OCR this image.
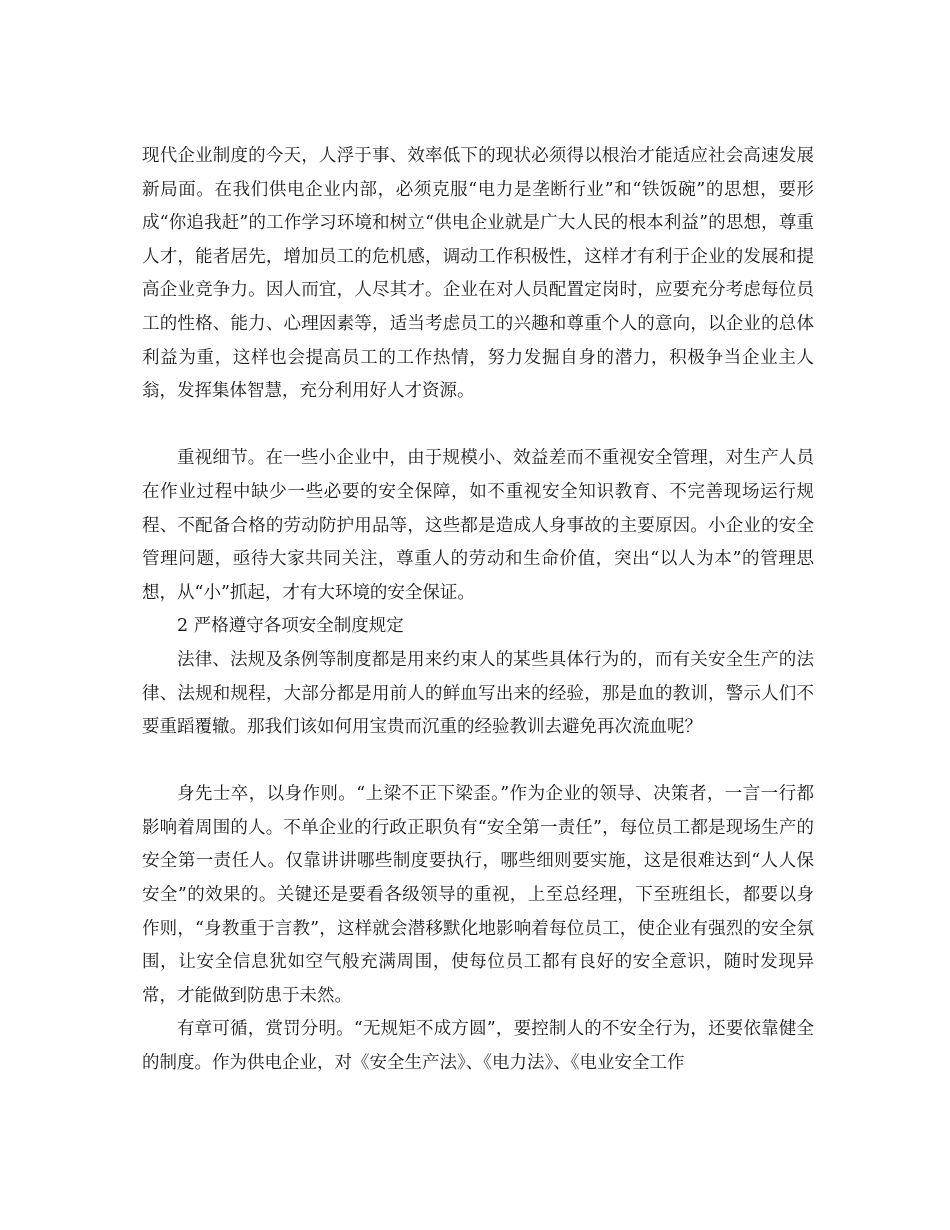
现代企业制度的今天，人浮于事、效率低下的现状必须得以根治才能适应社会高速发展新局面。在我们供电企业内部，必须克服“电力是垄断行业”和“铁饭碗”的思想，要形成“你追我赶”的工作学习环境和树立“供电企业就是广大人民的根本利益”的思想，尊重人才，能者居先，增加员工的危机感，调动工作积极性，这样才有利于企业的发展和提高企业竞争力。因人而宜，人尽其才。企业在对人员配置定岗时，应要充分考虑每位员工的性格、能力、心理因素等，适当考虑员工的兴趣和尊重个人的意向，以企业的总体利益为重，这样也会提高员工的工作热情，努力发掘自身的潜力，积极争当企业主人翁，发挥集体智慧，充分利用好人才资源。

重视细节。在一些小企业中，由于规模小、效益差而不重视安全管理，对生产人员在作业过程中缺少一些必要的安全保障，如不重视安全知识教育、不完善现场运行规程、不配备合格的劳动防护用品等，这些都是造成人身事故的主要原因。小企业的安全管理问题，亟待大家共同关注，尊重人的劳动和生命价值，突出“以人为本”的管理思想，从“小”抓起，才有大环境的安全保证。

2 严格遵守各项安全制度规定

法律、法规及条例等制度都是用来约束人的某些具体行为的，而有关安全生产的法律、法规和规程，大部分都是用前人的鲜血写出来的经验，那是血的教训，警示人们不要重蹈覆辙。那我们该如何用宝贵而沉重的经验教训去避免再次流血呢？

身先士卒，以身作则。“上梁不正下梁歪。”作为企业的领导、决策者，一言一行都影响着周围的人。不单企业的行政正职负有“安全第一责任”，每位员工都是现场生产的安全第一责任人。仅靠讲讲哪些制度要执行，哪些细则要实施，这是很难达到“人人保安全”的效果的。关键还是要看各级领导的重视，上至总经理，下至班组长，都要以身作则，“身教重于言教”，这样就会潜移默化地影响着每位员工，使企业有强烈的安全氛围，让安全信息犹如空气般充满周围，使每位员工都有良好的安全意识，随时发现异常，才能做到防患于未然。

有章可循，赏罚分明。“无规矩不成方圆”，要控制人的不安全行为，还要依靠健全的制度。作为供电企业，对《安全生产法》、《电力法》、《电业安全工作
